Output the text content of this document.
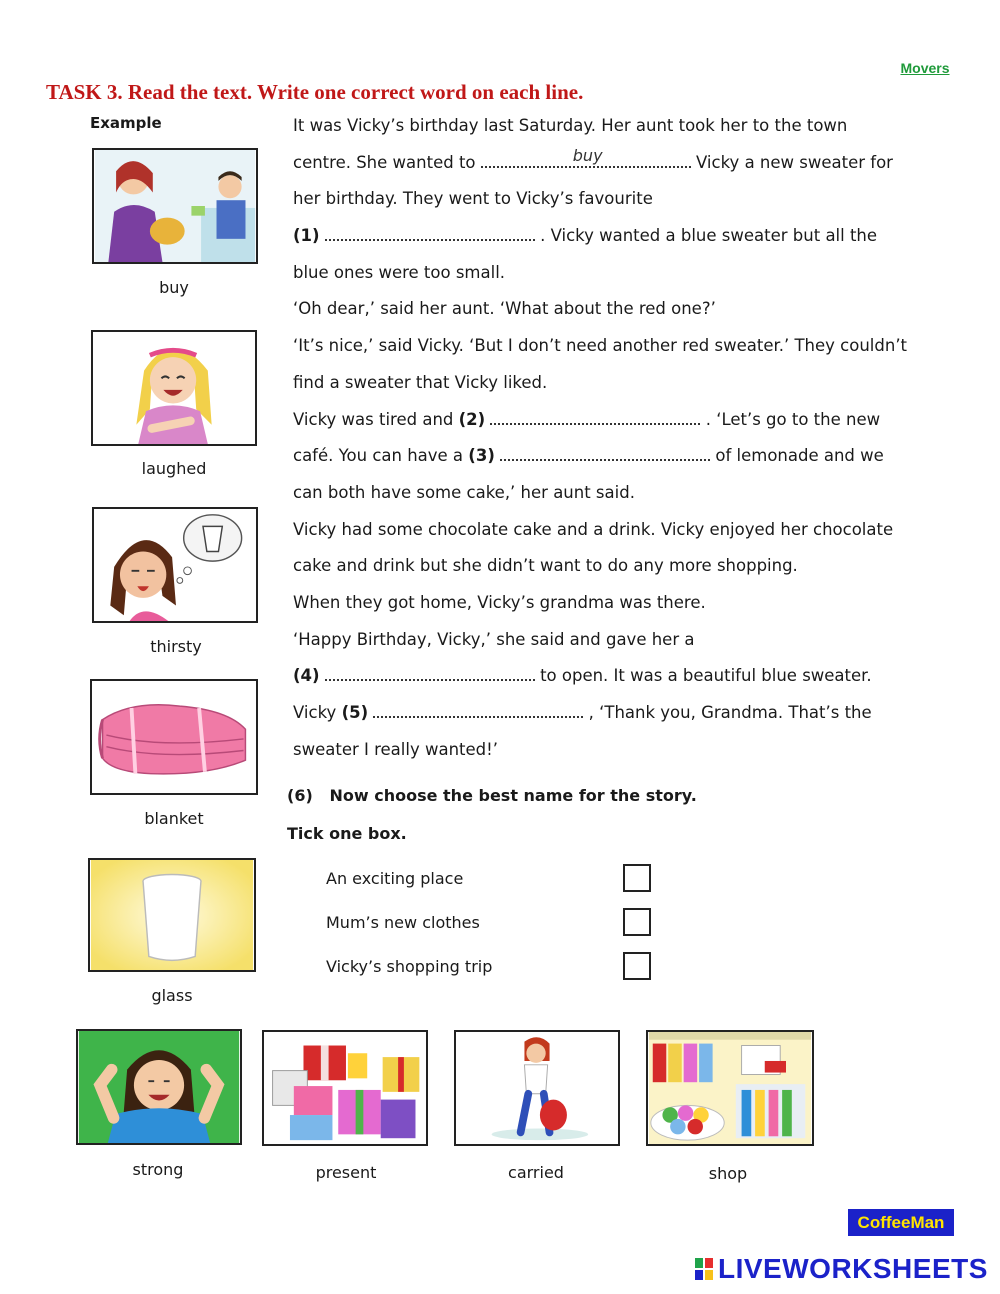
Movers
TASK 3. Read the text. Write one correct word on each line.
Example
buy
laughed
thirsty
blanket
glass
It was Vicky’s birthday last Saturday. Her aunt took her to the town
centre. She wanted to	buy	Vicky a new sweater for
her birthday. They went to Vicky’s favourite
(1)	. Vicky wanted a blue sweater but all the
blue ones were too small.
‘Oh dear,’ said her aunt. ‘What about the red one?’
‘It’s nice,’ said Vicky. ‘But I don’t need another red sweater.’ They couldn’t
find a sweater that Vicky liked.
Vicky was tired and (2)	. ‘Let’s go to the new
café. You can have a (3)	of lemonade and we
can both have some cake,’ her aunt said.
Vicky had some chocolate cake and a drink. Vicky enjoyed her chocolate
cake and drink but she didn’t want to do any more shopping.
When they got home, Vicky’s grandma was there.
‘Happy Birthday, Vicky,’ she said and gave her a
(4)	to open. It was a beautiful blue sweater.
Vicky (5)	, ‘Thank you, Grandma. That’s the
sweater I really wanted!’
(6) Now choose the best name for the story.
Tick one box.
An exciting place
Mum’s new clothes
Vicky’s shopping trip
strong	present	carried	shop
CoffeeMan
LIVEWORKSHEETS
